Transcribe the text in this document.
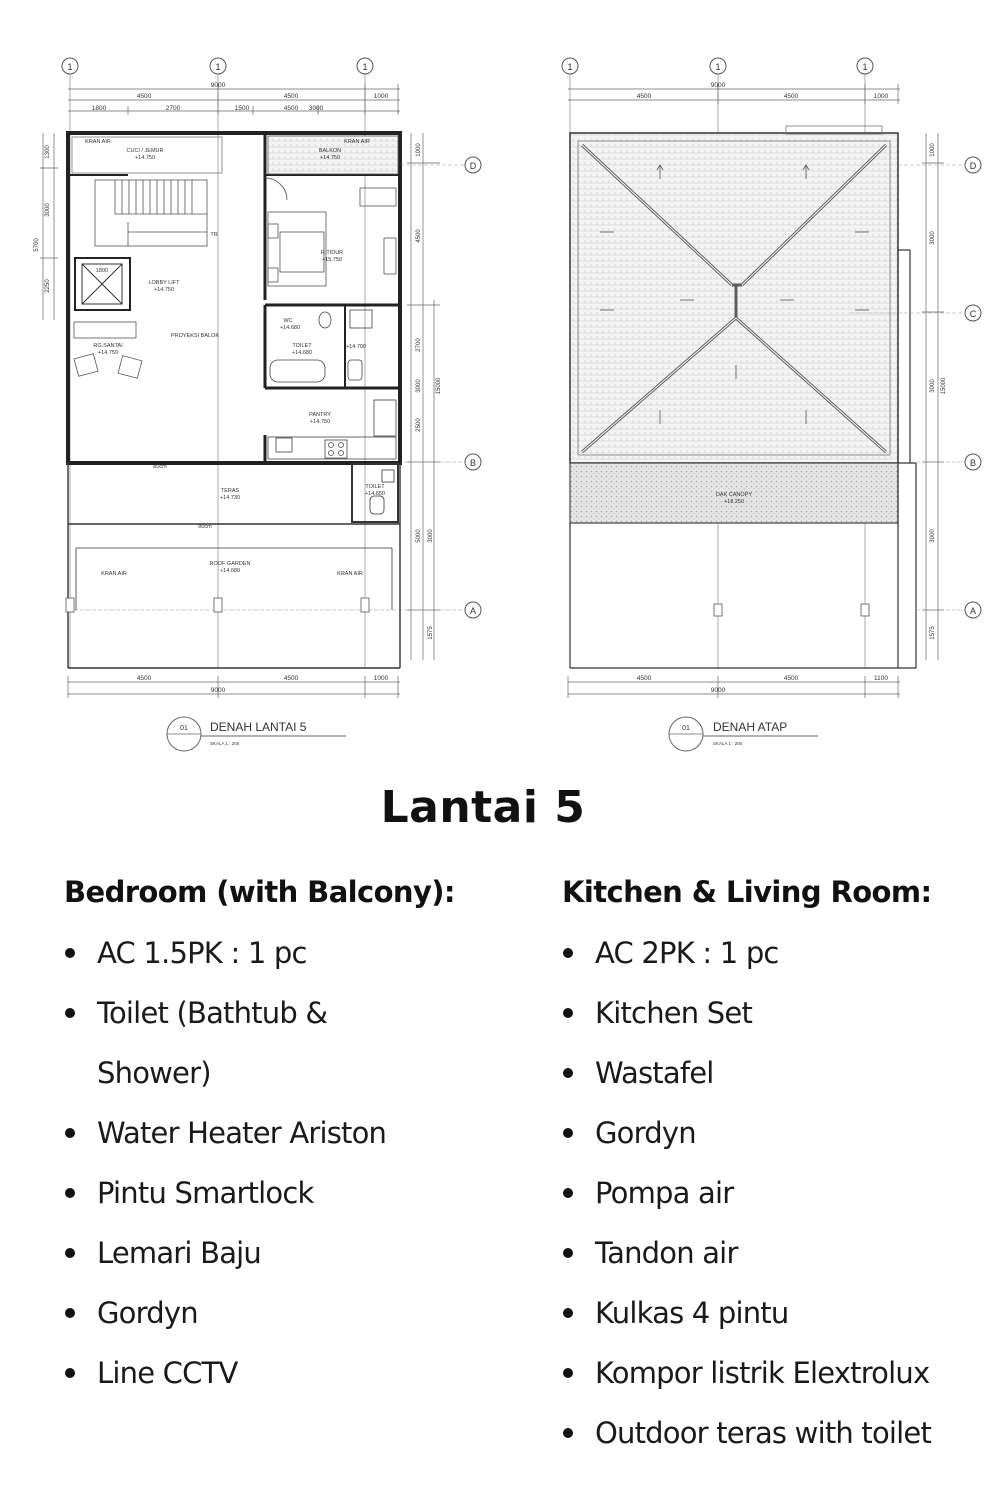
1	1	1
9000
4500	4500	1000
1800	2700	1500	4500 3000
1300
3000
5700
2250
1000
4500
2700
3000 15000
2500
5000 3000
1575
D
B
A
KRAN AIR
CUCI / JEMUR
+14.750
KRAN AIR
BALKON
+14.750
TR
R.TIDUR
+15.750
LOBBY LIFT
+14.750
1800
PROYEKSI BALOK
WC
+14.680
TOILET
+14.680
+14.700
RG.SANTAI
+14.750
PANTRY
+14.750
TERAS
+14.730
TOILET
+14.650
ROOF GARDEN
+14.680
KRAN AIR	KRAN AIR
80cm
80cm
4500	4500	1000
9000
01 DENAH LANTAI 5
SKALA 1 : 200
1	1	1
9000
4500	4500	1000
DAK CANOPY
+18.250
1000
3000
3000 15000
3000
1575
D
C
B
A
4500	4500	1100
9000
01 DENAH ATAP
SKALA 1 : 200
Lantai 5
Bedroom (with Balcony):
AC 1.5PK : 1 pc
Toilet (Bathtub & Shower)
Water Heater Ariston
Pintu Smartlock
Lemari Baju
Gordyn
Line CCTV
Kitchen & Living Room:
AC 2PK : 1 pc
Kitchen Set
Wastafel
Gordyn
Pompa air
Tandon air
Kulkas 4 pintu
Kompor listrik Elextrolux
Outdoor teras with toilet
